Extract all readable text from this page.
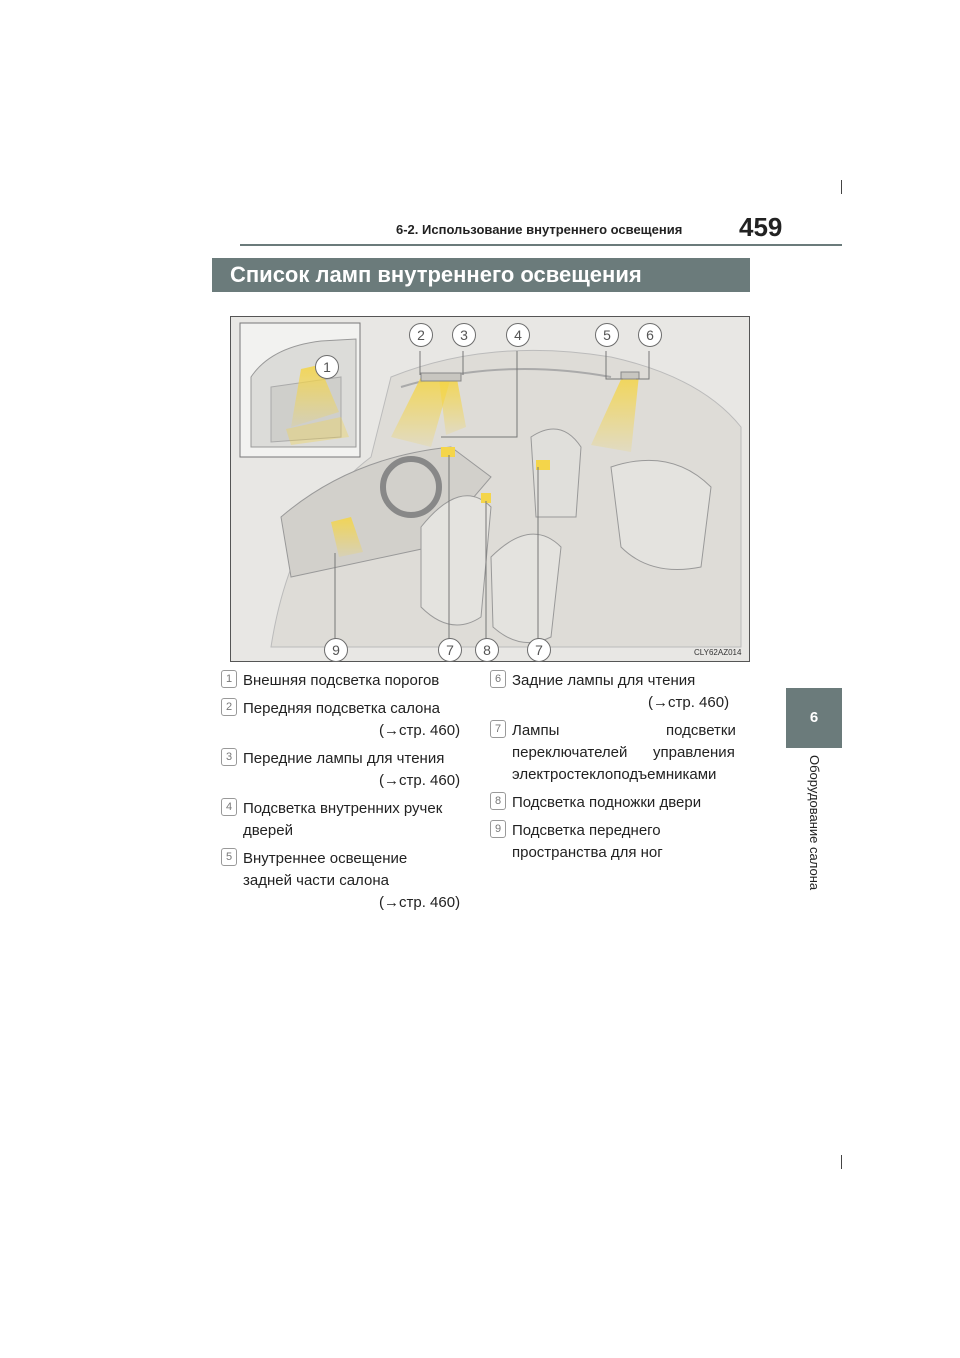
6-2. Использование внутреннего освещения 459
Список ламп внутреннего освещения
6
Оборудование салона
1
2	3	4	5	6
9	7	8	7	CLY62AZ014
1 Внешняя подсветка порогов
2 Передняя подсветка салона
(→стр. 460)
3 Передние лампы для чтения
(→стр. 460)
4 Подсветка внутренних ручек
дверей
5 Внутреннее освещение
задней части салона
(→стр. 460)
6 Задние лампы для чтения
(→стр. 460)
7 Лампы	подсветки
переключателей управления
электростеклоподъемниками
8 Подсветка подножки двери
9 Подсветка переднего
пространства для ног
